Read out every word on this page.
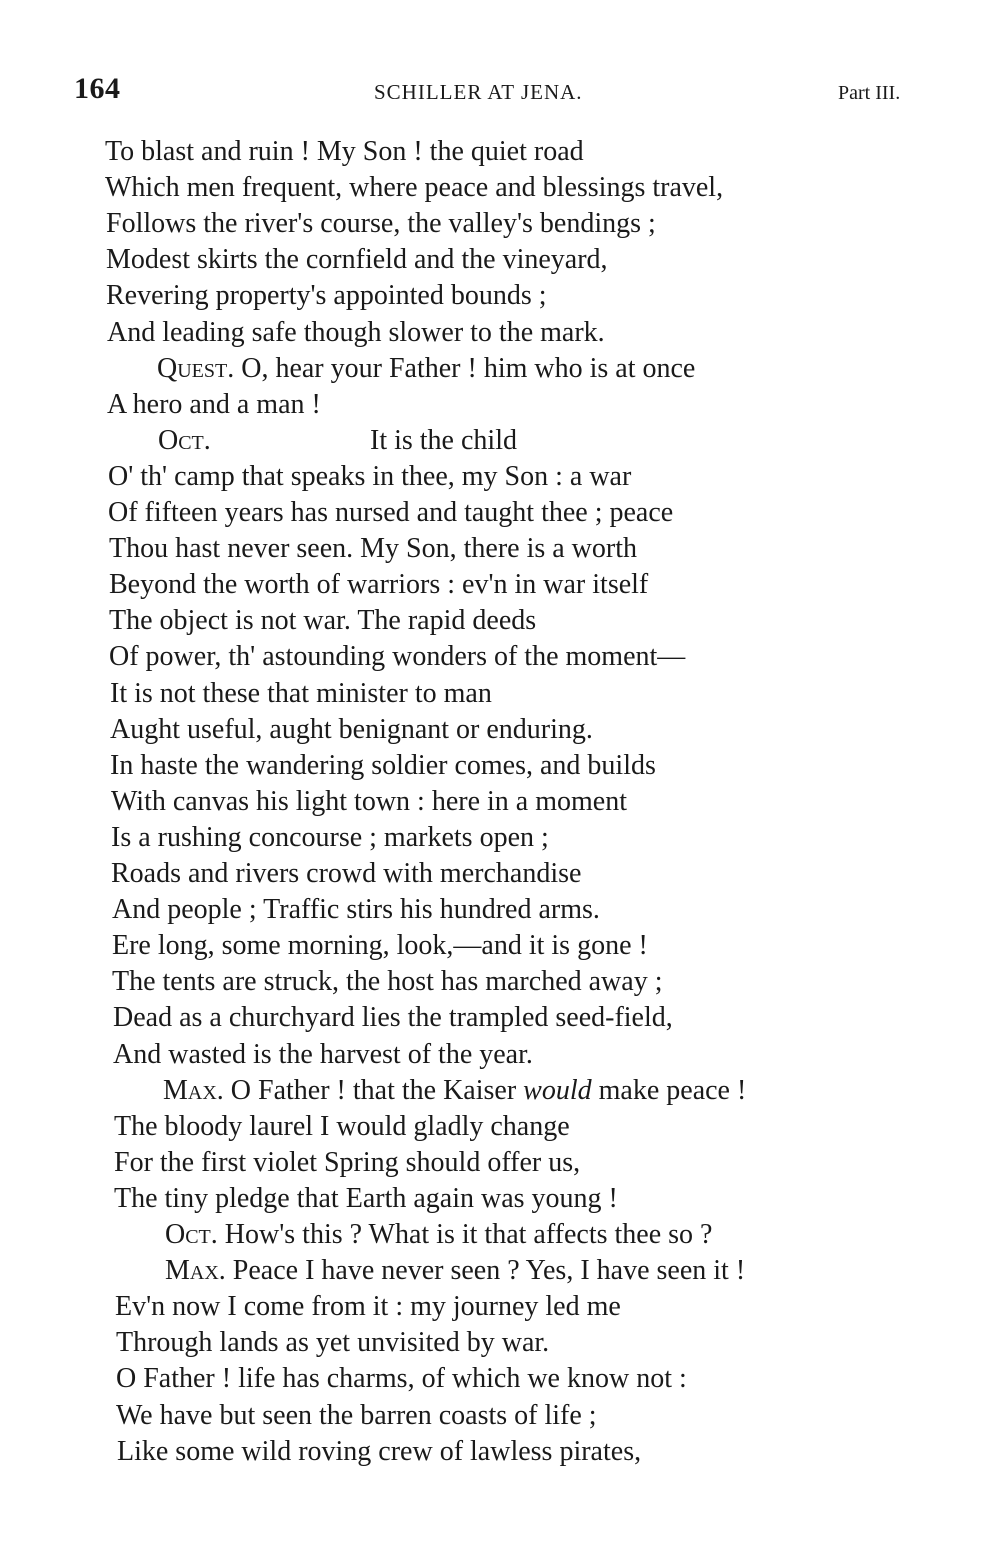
164	SCHILLER AT JENA.	Part III.
To blast and ruin ! My Son ! the quiet road
Which men frequent, where peace and blessings travel,
Follows the river's course, the valley's bendings ;
Modest skirts the cornfield and the vineyard,
Revering property's appointed bounds ;
And leading safe though slower to the mark.
Quest. O, hear your Father ! him who is at once
A hero and a man !
Oct.	It is the child
O' th' camp that speaks in thee, my Son : a war
Of fifteen years has nursed and taught thee ; peace
Thou hast never seen. My Son, there is a worth
Beyond the worth of warriors : ev'n in war itself
The object is not war. The rapid deeds
Of power, th' astounding wonders of the moment—
It is not these that minister to man
Aught useful, aught benignant or enduring.
In haste the wandering soldier comes, and builds
With canvas his light town : here in a moment
Is a rushing concourse ; markets open ;
Roads and rivers crowd with merchandise
And people ; Traffic stirs his hundred arms.
Ere long, some morning, look,—and it is gone !
The tents are struck, the host has marched away ;
Dead as a churchyard lies the trampled seed-field,
And wasted is the harvest of the year.
Max. O Father ! that the Kaiser would make peace !
The bloody laurel I would gladly change
For the first violet Spring should offer us,
The tiny pledge that Earth again was young !
Oct. How's this ? What is it that affects thee so ?
Max. Peace I have never seen ? Yes, I have seen it !
Ev'n now I come from it : my journey led me
Through lands as yet unvisited by war.
O Father ! life has charms, of which we know not :
We have but seen the barren coasts of life ;
Like some wild roving crew of lawless pirates,
